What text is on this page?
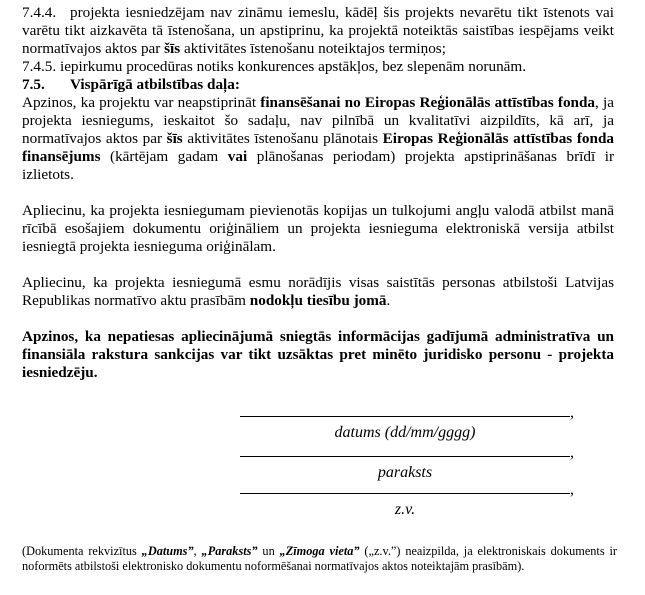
7.4.4. projekta iesniedzējam nav zināmu iemeslu, kādēļ šis projekts nevarētu tikt īstenots vai varētu tikt aizkavēta tā īstenošana, un apstiprinu, ka projektā noteiktās saistības iespējams veikt normatīvajos aktos par šīs aktivitātes īstenošanu noteiktajos termiņos;

7.4.5. iepirkumu procedūras notiks konkurences apstākļos, bez slepenām norunām.

7.5. Vispārīgā atbilstības daļa:

Apzinos, ka projektu var neapstiprināt finansēšanai no Eiropas Reģionālās attīstības fonda, ja projekta iesniegums, ieskaitot šo sadaļu, nav pilnībā un kvalitatīvi aizpildīts, kā arī, ja normatīvajos aktos par šīs aktivitātes īstenošanu plānotais Eiropas Reģionālās attīstības fonda finansējums (kārtējam gadam vai plānošanas periodam) projekta apstiprināšanas brīdī ir izlietots.

Apliecinu, ka projekta iesniegumam pievienotās kopijas un tulkojumi angļu valodā atbilst manā rīcībā esošajiem dokumentu oriģināliem un projekta iesnieguma elektroniskā versija atbilst iesniegtā projekta iesnieguma oriģinālam.

Apliecinu, ka projekta iesniegumā esmu norādījis visas saistītās personas atbilstoši Latvijas Republikas normatīvo aktu prasībām nodokļu tiesību jomā.

Apzinos, ka nepatiesas apliecinājumā sniegtās informācijas gadījumā administratīva un finansiāla rakstura sankcijas var tikt uzsāktas pret minēto juridisko personu - projekta iesniedzēju.

,
datums (dd/mm/gggg)
,
paraksts
,
z.v.

(Dokumenta rekvizītus „Datums”, „Paraksts” un „Zīmoga vieta” („z.v.”) neaizpilda, ja elektroniskais dokuments ir noformēts atbilstoši elektronisko dokumentu noformēšanai normatīvajos aktos noteiktajām prasībām).
